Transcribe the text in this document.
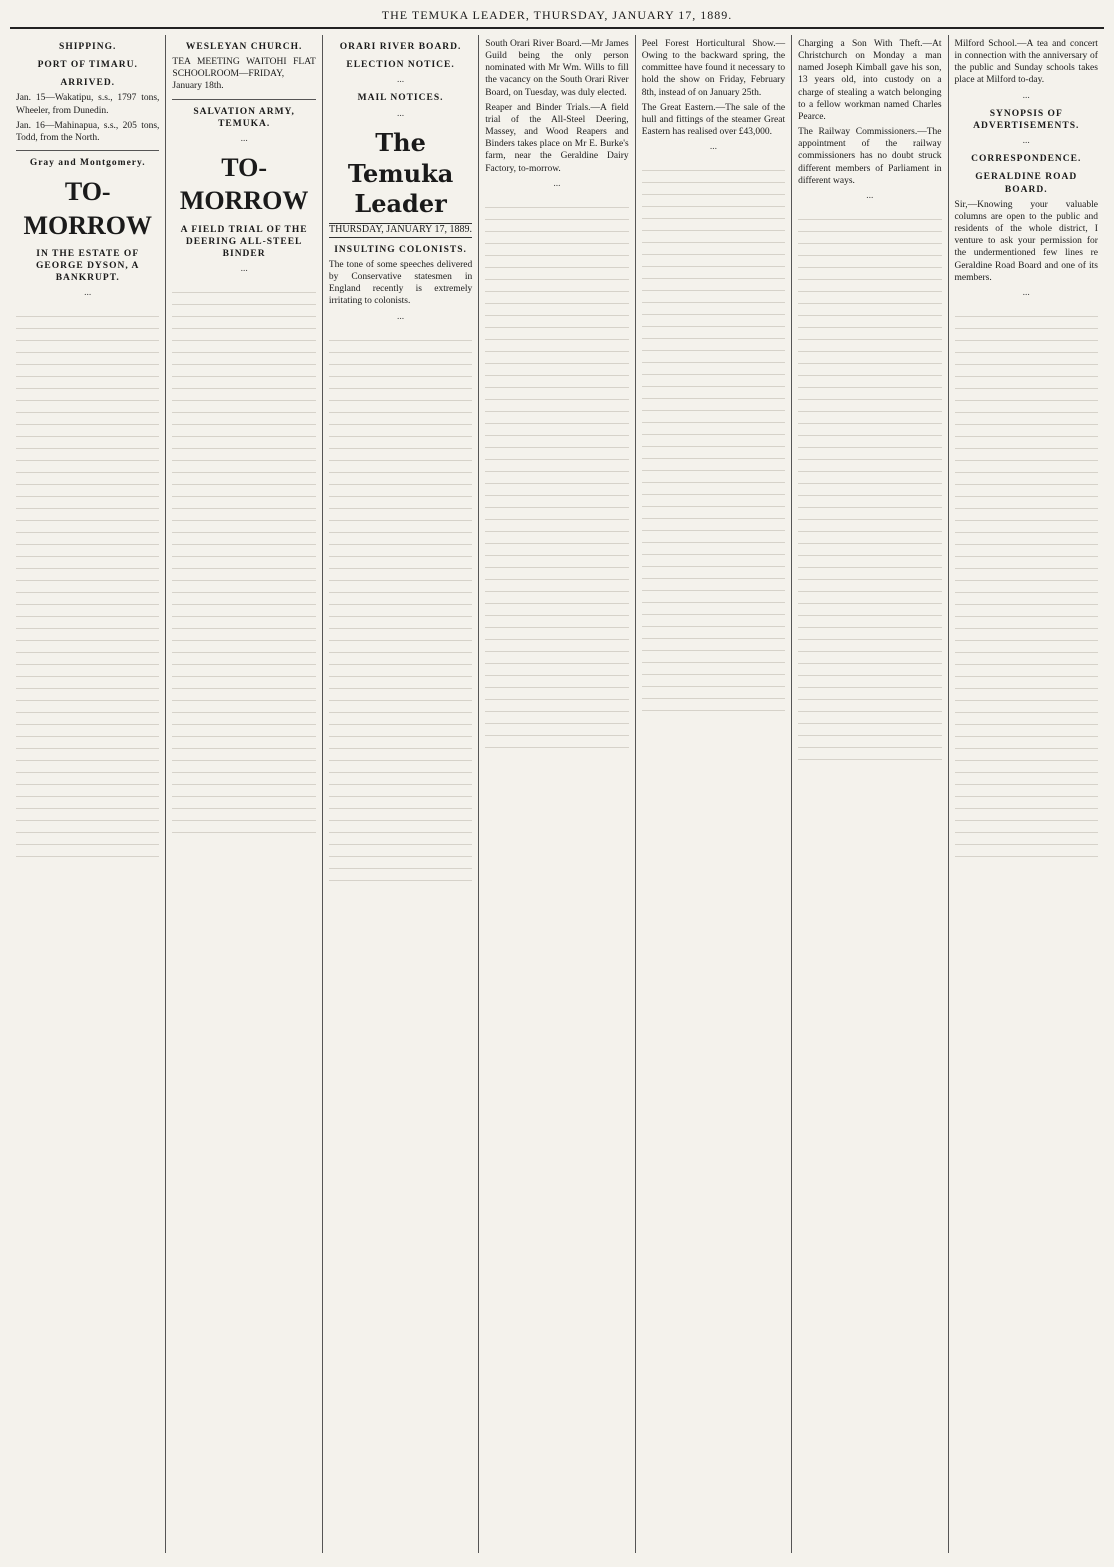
THE TEMUKA LEADER, THURSDAY, JANUARY 17, 1889.
SHIPPING.
PORT OF TIMARU.
ARRIVED.

Jan. 15—Wakatipu, s.s., 1797 tons, Wheeler, from Dunedin.

Jan. 16—Mahinapua, s.s., 205 tons, Todd, from the North.

Gray and Montgomery.
TO-MORROW
IN THE ESTATE OF GEORGE DYSON, A BANKRUPT.
...
WESLEYAN CHURCH.

TEA MEETING WAITOHI FLAT SCHOOLROOM—FRIDAY, January 18th.

SALVATION ARMY, TEMUKA.
...
TO-MORROW
A FIELD TRIAL OF THE DEERING ALL-STEEL BINDER
...
ORARI RIVER BOARD.
ELECTION NOTICE.
...
MAIL NOTICES.
...
The Temuka Leader
THURSDAY, JANUARY 17, 1889.
INSULTING COLONISTS.

The tone of some speeches delivered by Conservative statesmen in England recently is extremely irritating to colonists.

...

South Orari River Board.—Mr James Guild being the only person nominated with Mr Wm. Wills to fill the vacancy on the South Orari River Board, on Tuesday, was duly elected.

Reaper and Binder Trials.—A field trial of the All-Steel Deering, Massey, and Wood Reapers and Binders takes place on Mr E. Burke's farm, near the Geraldine Dairy Factory, to-morrow.

...

Peel Forest Horticultural Show.—Owing to the backward spring, the committee have found it necessary to hold the show on Friday, February 8th, instead of on January 25th.

The Great Eastern.—The sale of the hull and fittings of the steamer Great Eastern has realised over £43,000.

...

Charging a Son With Theft.—At Christchurch on Monday a man named Joseph Kimball gave his son, 13 years old, into custody on a charge of stealing a watch belonging to a fellow workman named Charles Pearce.

The Railway Commissioners.—The appointment of the railway commissioners has no doubt struck different members of Parliament in different ways.

...

Milford School.—A tea and concert in connection with the anniversary of the public and Sunday schools takes place at Milford to-day.

...
SYNOPSIS OF ADVERTISEMENTS.
...
CORRESPONDENCE.
GERALDINE ROAD BOARD.

Sir,—Knowing your valuable columns are open to the public and residents of the whole district, I venture to ask your permission for the undermentioned few lines re Geraldine Road Board and one of its members.

...
